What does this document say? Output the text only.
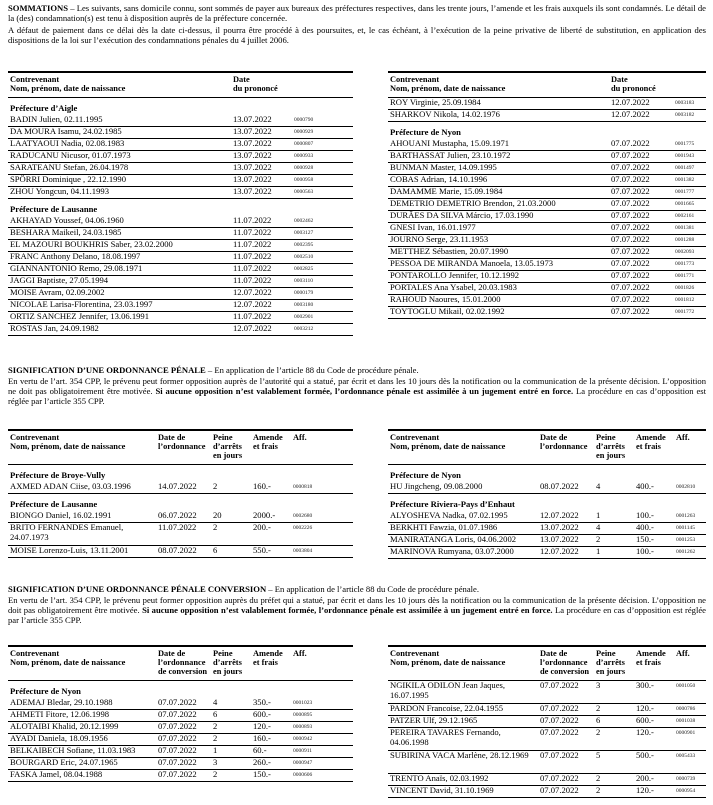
SOMMATIONS – Les suivants, sans domicile connu, sont sommés de payer aux bureaux des préfectures respectives, dans les trente jours, l’amende et les frais auxquels ils sont condamnés. Le détail de la (des) condamnation(s) est tenu à disposition auprès de la préfecture concernée.

A défaut de paiement dans ce délai dès la date ci-dessus, il pourra être procédé à des poursuites, et, le cas échéant, à l’exécution de la peine privative de liberté de substitution, en application des dispositions de la loi sur l’exécution des condamnations pénales du 4 juillet 2006.

Contrevenant
Nom, prénom, date de naissance
Date
du prononcé
Préfecture d’Aigle
BADIN Julien, 02.11.1995	13.07.2022	0000790
DA MOURA Isamu, 24.02.1985	13.07.2022	0000929
LAATYAOUI Nadia, 02.08.1983	13.07.2022	0000807
RADUCANU Nicusor, 01.07.1973	13.07.2022	0000933
SARATEANU Stefan, 26.04.1978	13.07.2022	0000928
SPÖRRI Dominique , 22.12.1990	13.07.2022	0000958
ZHOU Yongcun, 04.11.1993	13.07.2022	0000563
Préfecture de Lausanne
AKHAYAD Youssef, 04.06.1960	11.07.2022	0002462
BESHARA Maikeil, 24.03.1985	11.07.2022	0003127
EL MAZOURI BOUKHRIS Saber, 23.02.2000	11.07.2022	0002395
FRANC Anthony Delano, 18.08.1997	11.07.2022	0002510
GIANNANTONIO Remo, 29.08.1971	11.07.2022	0002825
JAGGI Baptiste, 27.05.1994	11.07.2022	0003110
MOISE Avram, 02.09.2002	12.07.2022	0000179
NICOLAE Larisa-Florentina, 23.03.1997	12.07.2022	0003180
ORTIZ SANCHEZ Jennifer, 13.06.1991	11.07.2022	0002901
ROSTAS Jan, 24.09.1982	12.07.2022	0003212
Contrevenant
Nom, prénom, date de naissance
Date
du prononcé
ROY Virginie, 25.09.1984	12.07.2022	0003183
SHARKOV Nikola, 14.02.1976	12.07.2022	0003182
Préfecture de Nyon
AHOUANI Mustapha, 15.09.1971	07.07.2022	0001775
BARTHASSAT Julien, 23.10.1972	07.07.2022	0001943
BUNMAN Master, 14.09.1995	07.07.2022	0001497
COBAS Adrian, 14.10.1996	07.07.2022	0001382
DAMAMME Marie, 15.09.1984	07.07.2022	0001777
DEMETRIO DEMETRIO Brendon, 21.03.2000	07.07.2022	0001665
DURÃES DA SILVA Márcio, 17.03.1990	07.07.2022	0002161
GNESI Ivan, 16.01.1977	07.07.2022	0001381
JOURNO Serge, 23.11.1953	07.07.2022	0001288
METTHEZ Sébastien, 20.07.1990	07.07.2022	0002093
PESSOA DE MIRANDA Manoela, 13.05.1973	07.07.2022	0001773
PONTAROLLO Jennifer, 10.12.1992	07.07.2022	0001771
PORTALES Ana Ysabel, 20.03.1983	07.07.2022	0001826
RAHOUD Naoures, 15.01.2000	07.07.2022	0001812
TOYTOGLU Mikail, 02.02.1992	07.07.2022	0001772

SIGNIFICATION D’UNE ORDONNANCE PÉNALE – En application de l’article 88 du Code de procédure pénale.

En vertu de l’art. 354 CPP, le prévenu peut former opposition auprès de l’autorité qui a statué, par écrit et dans les 10 jours dès la notification ou la communication de la présente décision. L’opposition ne doit pas obligatoirement être motivée. Si aucune opposition n’est valablement formée, l’ordonnance pénale est assimilée à un jugement entré en force. La procédure en cas d’opposition est réglée par l’article 355 CPP.

Contrevenant
Nom, prénom, date de naissance
Date de
l’ordonnance
Peine
d’arrêts
en jours
Amende
et frais
Aff.
Préfecture de Broye-Vully
AXMED ADAN Ciise, 03.03.1996	14.07.2022 2	160.-	0000818
Préfecture de Lausanne
BIONGO Daniel, 16.02.1991	06.07.2022 20	2000.-	0002680
BRITO FERNANDES Emanuel, 24.07.1973
11.07.2022 2	200.-	0002226
MOISE Lorenzo-Luis, 13.11.2001	08.07.2022 6	550.-	0003804
Contrevenant
Nom, prénom, date de naissance
Date de
l’ordonnance
Peine
d’arrêts
en jours
Amende
et frais
Aff.
Préfecture de Nyon
HU Jingcheng, 09.08.2000	08.07.2022 4	400.-	0002810
Préfecture Riviera-Pays d’Enhaut
ALYOSHEVA Nadka, 07.02.1995	12.07.2022 1	100.-	0001263
BERKHTI Fawzia, 01.07.1986	13.07.2022 4	400.-	0001145
MANIRATANGA Loris, 04.06.2002	13.07.2022 2	150.-	0001253
MARINOVA Rumyana, 03.07.2000	12.07.2022 1	100.-	0001262

SIGNIFICATION D’UNE ORDONNANCE PÉNALE CONVERSION – En application de l’article 88 du Code de procédure pénale.

En vertu de l’art. 354 CPP, le prévenu peut former opposition auprès du préfet qui a statué, par écrit et dans les 10 jours dès la notification ou la communication de la présente décision. L’opposition ne doit pas obligatoirement être motivée. Si aucune opposition n’est valablement formée, l’ordonnance pénale est assimilée à un jugement entré en force. La procédure en cas d’opposition est réglée par l’article 355 CPP.

Contrevenant
Nom, prénom, date de naissance
Date de
l’ordonnance
de conversion
Peine
d’arrêts
en jours
Amende
et frais
Aff.
Préfecture de Nyon
ADEMAJ Bledar, 29.10.1988	07.07.2022 4	350.-	0001023
AHMETI Fitore, 12.06.1998	07.07.2022 6	600.-	0000895
ALOTAIBI Khalid, 20.12.1999	07.07.2022 2	120.-	0000893
AYADI Daniela, 18.09.1956	07.07.2022 2	160.-	0000942
BELKAIBECH Sofiane, 11.03.1983	07.07.2022 1	60.-	0000911
BOURGARD Eric, 24.07.1965	07.07.2022 3	260.-	0000947
FASKA Jamel, 08.04.1988	07.07.2022 2	150.-	0000606
Contrevenant
Nom, prénom, date de naissance
Date de
l’ordonnance
de conversion
Peine
d’arrêts
en jours
Amende
et frais
Aff.
NGIKILA ODILON Jean Jaques, 16.07.1995
07.07.2022 3	300.-	0001050
PARDON Francoise, 22.04.1955	07.07.2022 2	120.-	0000786
PATZER Ulf, 29.12.1965	07.07.2022 6	600.-	0001038
PEREIRA TAVARES Fernando, 04.06.1998
07.07.2022 2	120.-	0000901
SUBIRINA VACA Marlène, 28.12.1969	07.07.2022 5	500.-	0005433
TRENTO Anaïs, 02.03.1992	07.07.2022 2	200.-	0000739
VINCENT David, 31.10.1969	07.07.2022 2	120.-	0000954
